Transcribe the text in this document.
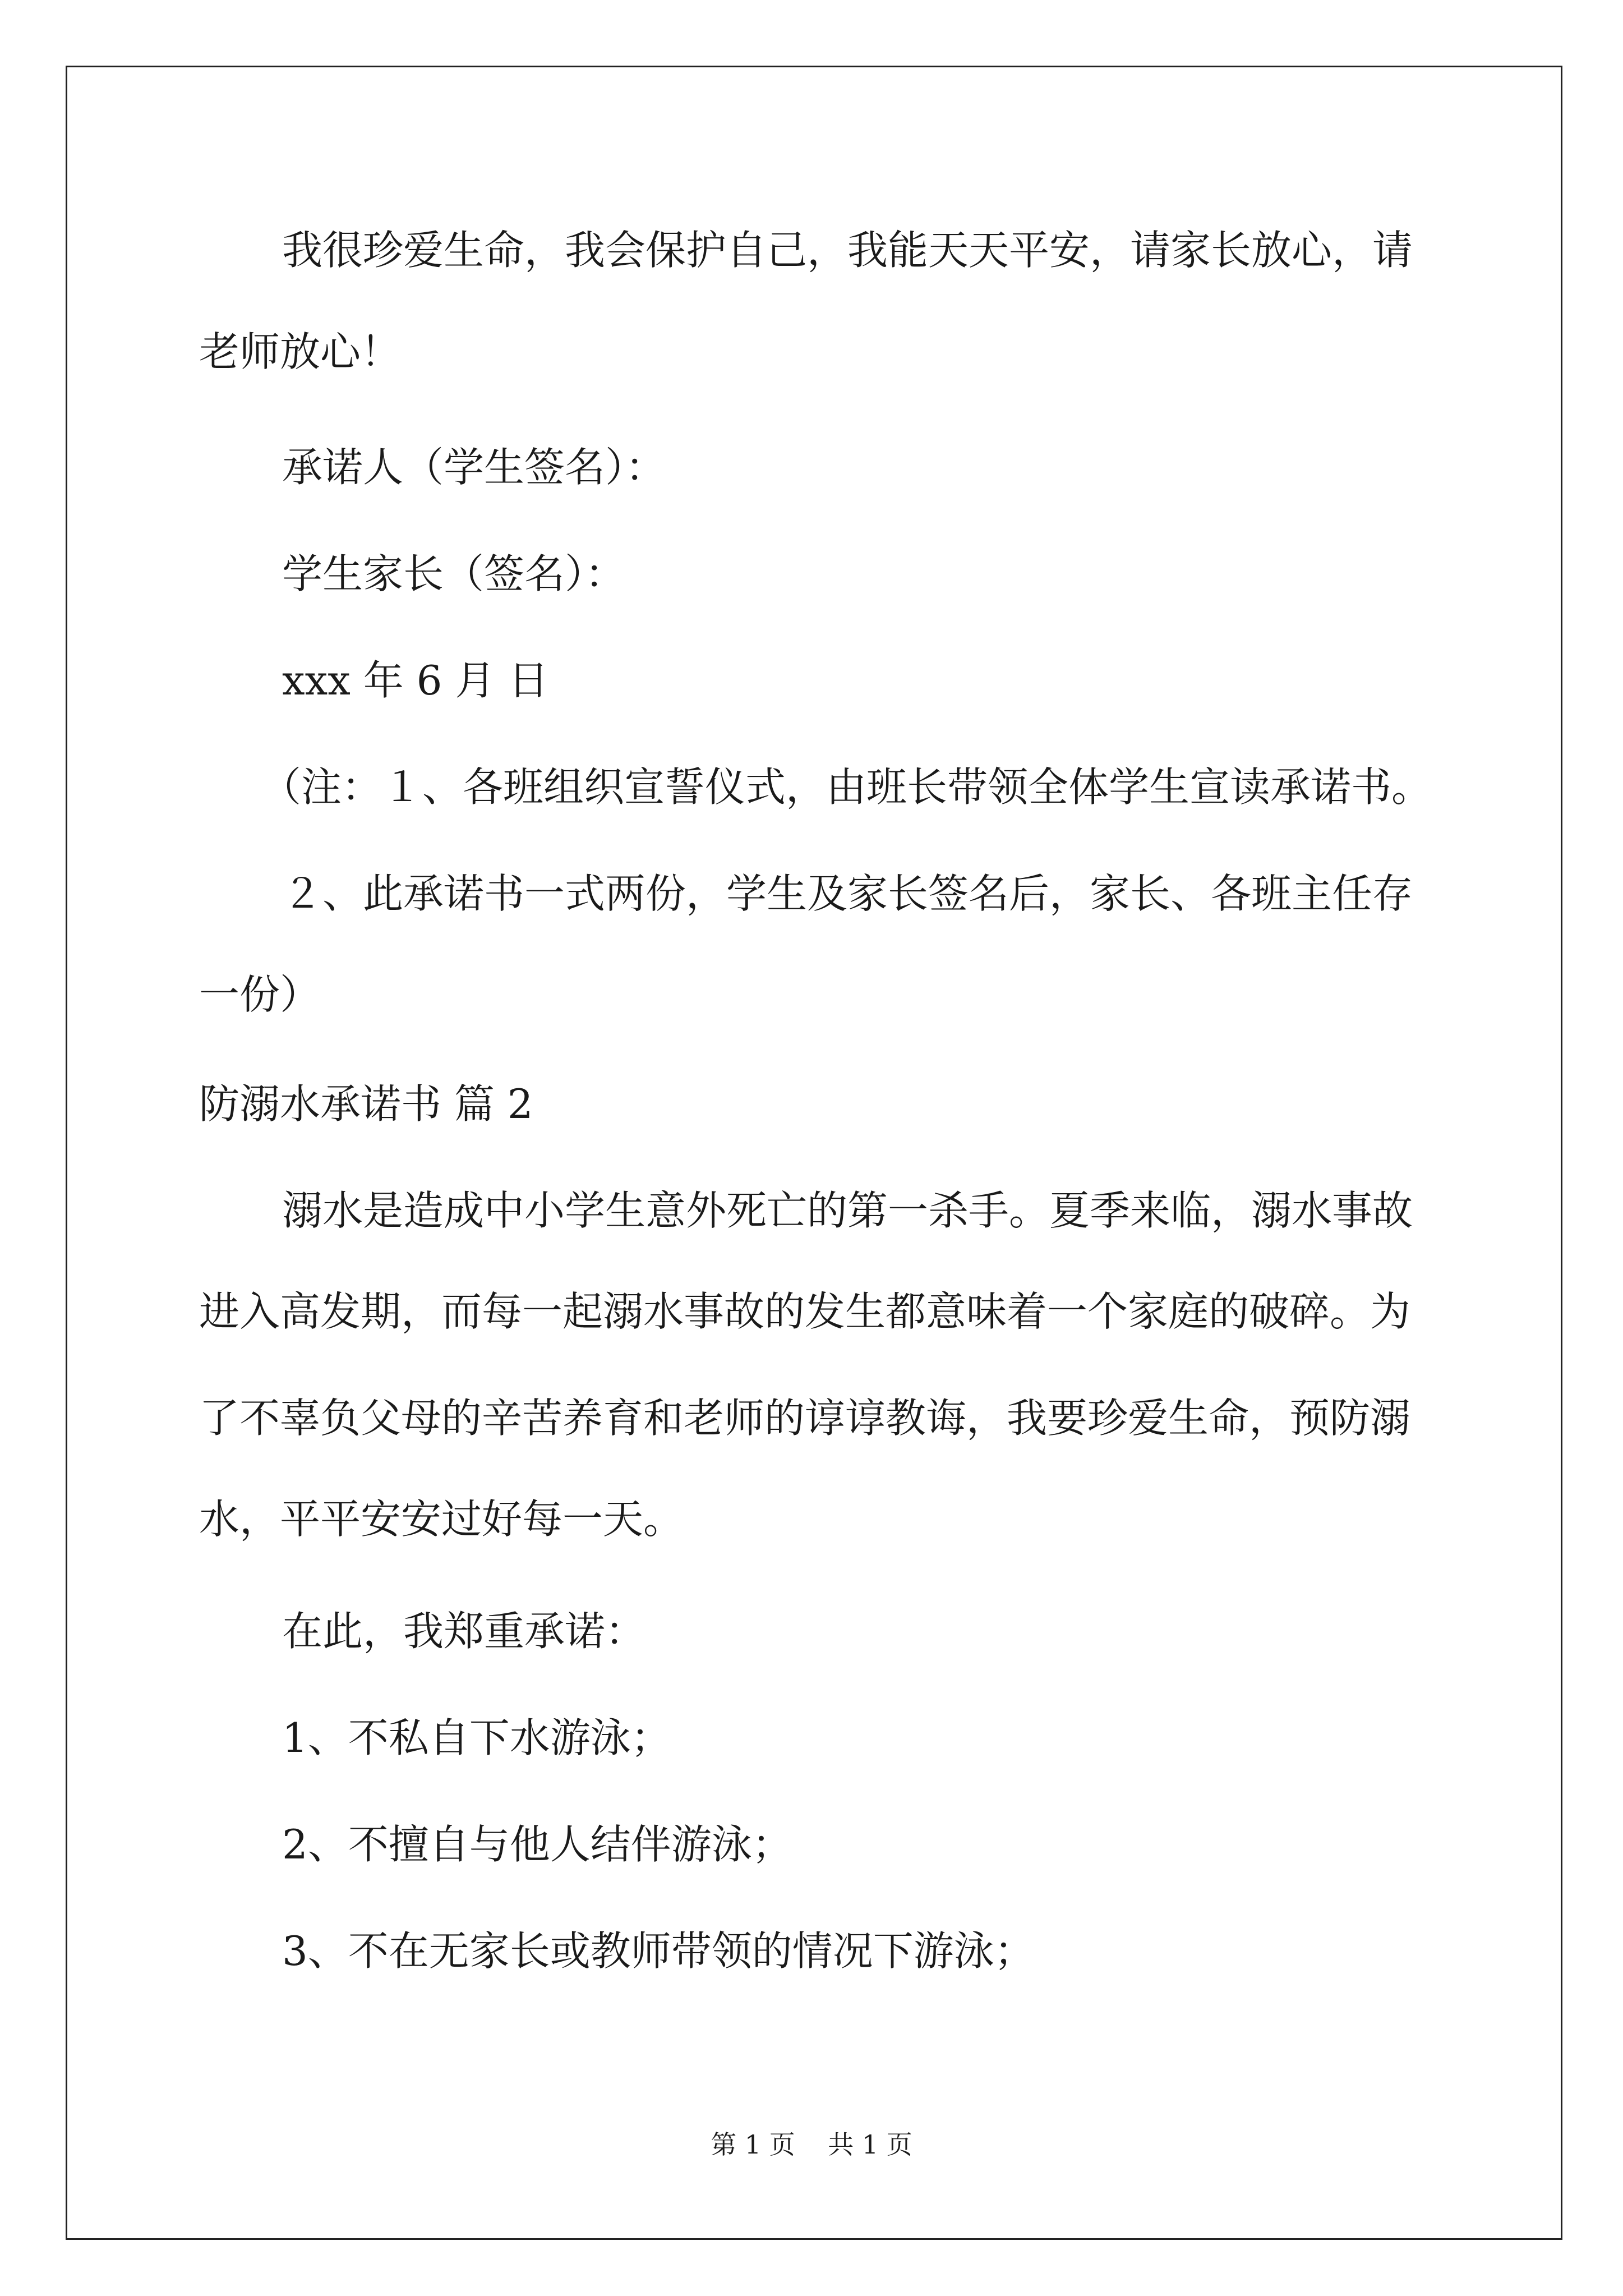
我很珍爱生命，我会保护自己，我能天天平安，请家长放心，请
老师放心！
承诺人（学生签名）：
学生家长（签名）：
xxx 年 6 月 日
（注：１、各班组织宣誓仪式，由班长带领全体学生宣读承诺书。
２、此承诺书一式两份，学生及家长签名后，家长、各班主任存
一份）
防溺水承诺书 篇 2
溺水是造成中小学生意外死亡的第一杀手。夏季来临，溺水事故
进入高发期，而每一起溺水事故的发生都意味着一个家庭的破碎。为
了不辜负父母的辛苦养育和老师的谆谆教诲，我要珍爱生命，预防溺
水，平平安安过好每一天。
在此，我郑重承诺：
1、不私自下水游泳；
2、不擅自与他人结伴游泳；
3、不在无家长或教师带领的情况下游泳；
第 1 页    共 1 页
